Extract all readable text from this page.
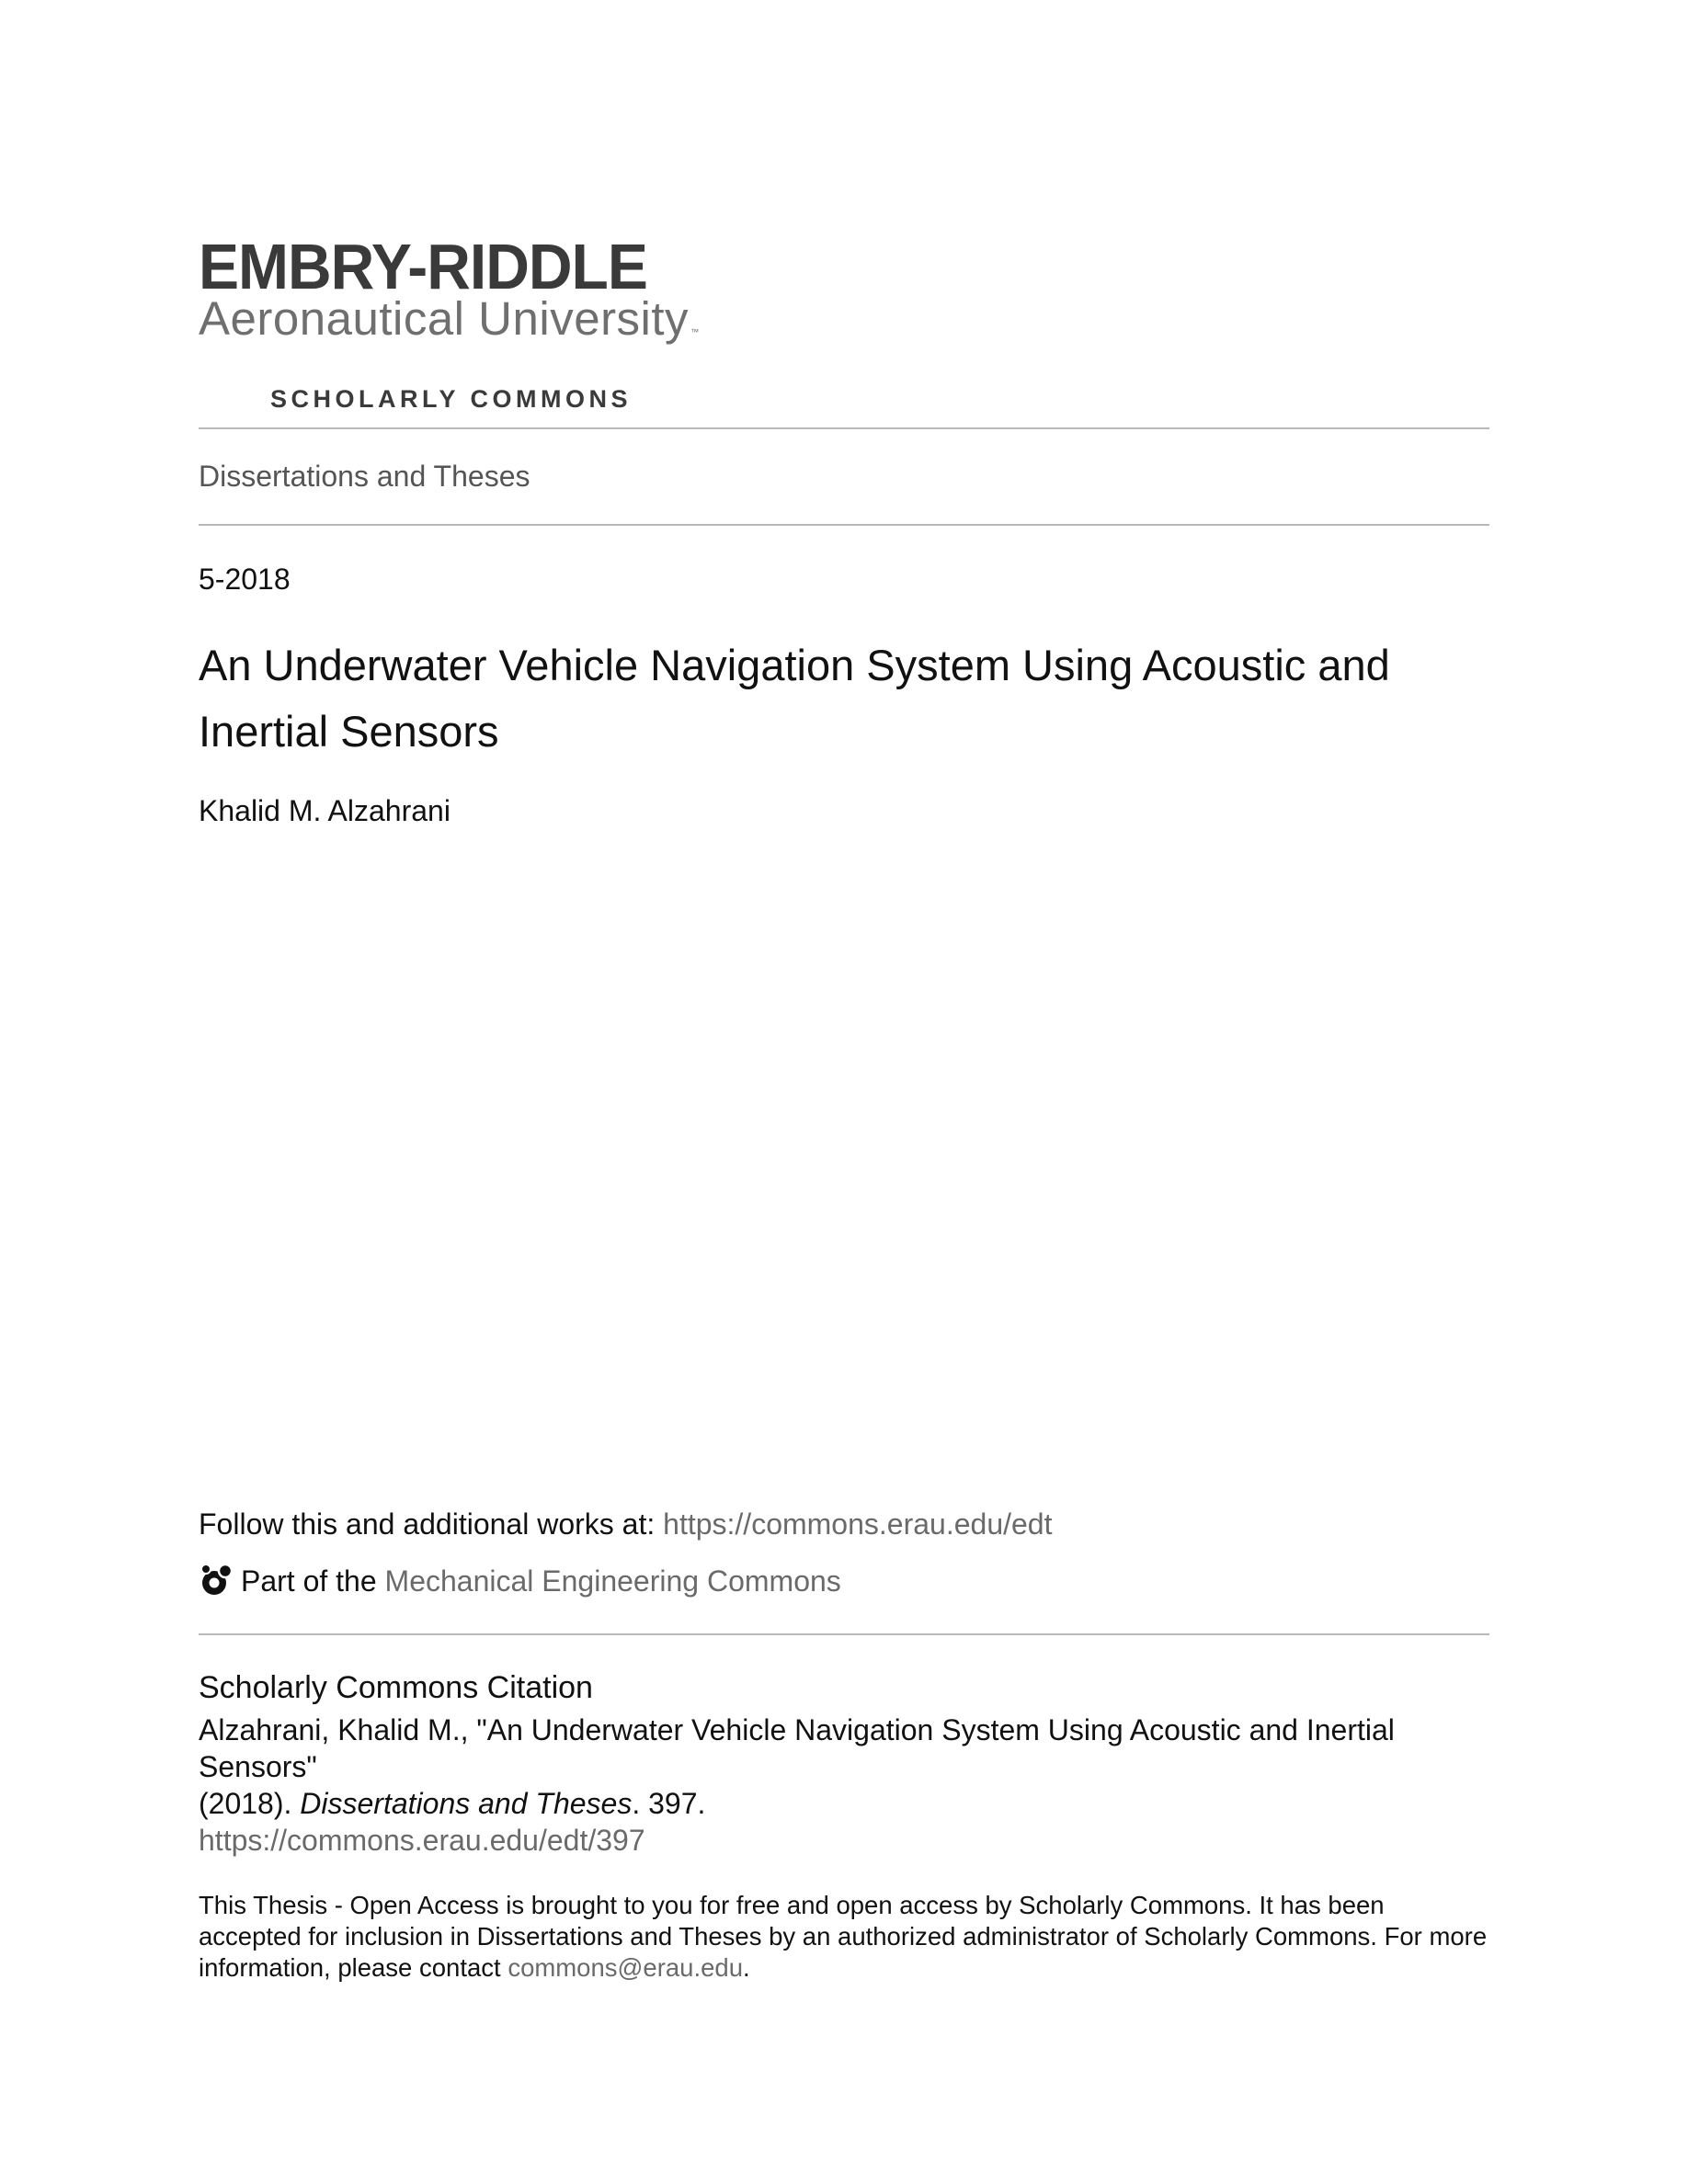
EMBRY-RIDDLE
Aeronautical University ™
SCHOLARLY COMMONS
Dissertations and Theses
5-2018
An Underwater Vehicle Navigation System Using Acoustic and Inertial Sensors
Khalid M. Alzahrani
Follow this and additional works at: https://commons.erau.edu/edt
Part of the
Mechanical Engineering Commons
Scholarly Commons Citation
Alzahrani, Khalid M., "An Underwater Vehicle Navigation System Using Acoustic and Inertial Sensors"
(2018). Dissertations and Theses. 397.
https://commons.erau.edu/edt/397
This Thesis - Open Access is brought to you for free and open access by Scholarly Commons. It has been accepted for inclusion in Dissertations and Theses by an authorized administrator of Scholarly Commons. For more information, please contact commons@erau.edu.
